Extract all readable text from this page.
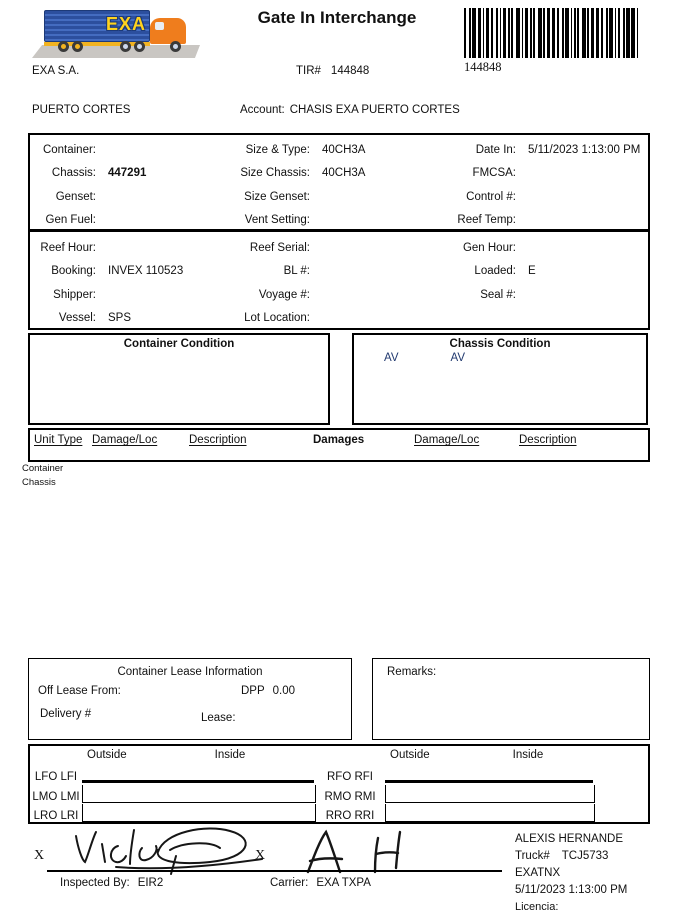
EXA	Gate In Interchange
144848
EXA S.A.	TIR# 144848
PUERTO CORTES	Account: CHASIS EXA PUERTO CORTES
Container:	Size & Type:	40CH3A	Date In:	5/11/2023 1:13:00 PM
Chassis:	447291	Size Chassis:	40CH3A	FMCSA:
Genset:	Size Genset:	Control #:
Gen Fuel:	Vent Setting:	Reef Temp:
Reef Hour:	Reef Serial:	Gen Hour:
Booking:	INVEX 110523	BL #:	Loaded:	E
Shipper:	Voyage #:	Seal #:
Vessel:	SPS	Lot Location:
Container Condition	Chassis Condition
AV	AV
Unit Type Damage/Loc	Description	Damages	Damage/Loc	Description
Container
Chassis
Container Lease Information
Off Lease From:	DPP 0.00
Delivery #	Lease:
Remarks:
Outside	Inside
LFO LFI
LMO LMI
LRO LRI
Outside	Inside
RFO RFI
RMO RMI
RRO RRI
X
Inspected By: EIR2
X
Carrier: EXA TXPA
ALEXIS HERNANDE
Truck# TCJ5733
EXATNX
5/11/2023 1:13:00 PM
Licencia:
